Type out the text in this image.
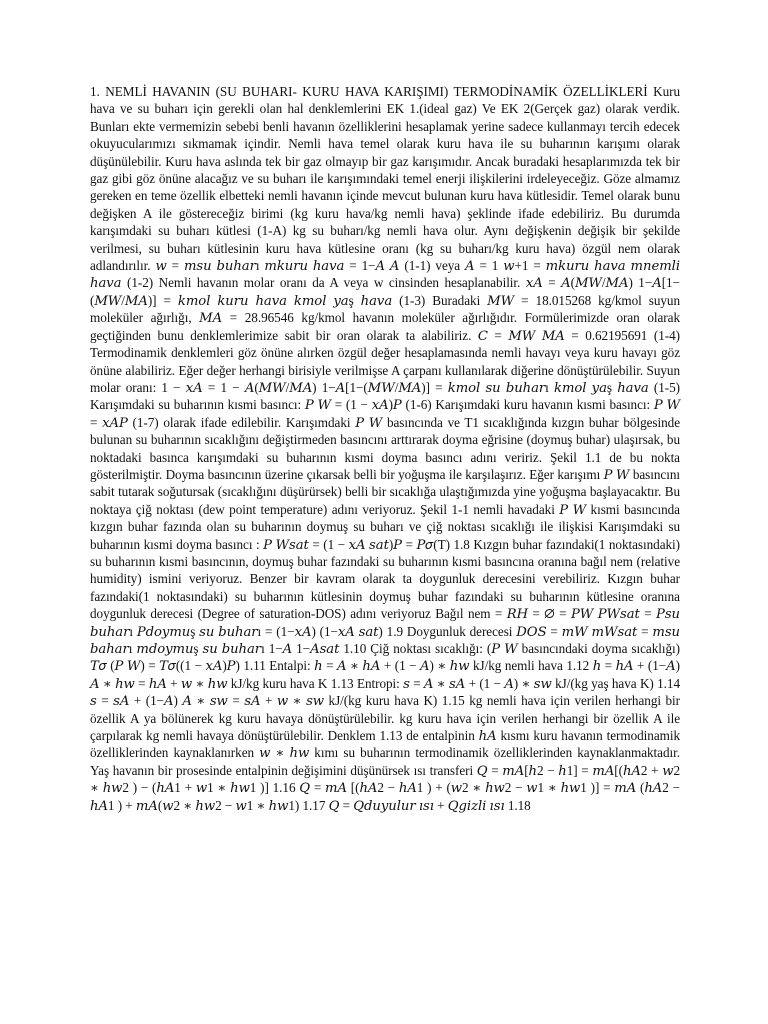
1. NEMLİ HAVANIN (SU BUHARI- KURU HAVA KARIŞIMI) TERMODİNAMİK ÖZELLİKLERİ Kuru hava ve su buharı için gerekli olan hal denklemlerini EK 1.(ideal gaz) Ve EK 2(Gerçek gaz) olarak verdik. Bunları ekte vermemizin sebebi benli havanın özelliklerini hesaplamak yerine sadece kullanmayı tercih edecek okuyucularımızı sıkmamak içindir. Nemli hava temel olarak kuru hava ile su buharının karışımı olarak düşünülebilir. Kuru hava aslında tek bir gaz olmayıp bir gaz karışımıdır. Ancak buradaki hesaplarımızda tek bir gaz gibi göz önüne alacağız ve su buharı ile karışımındaki temel enerji ilişkilerini irdeleyeceğiz. Göze almamız gereken en teme özellik elbetteki nemli havanın içinde mevcut bulunan kuru hava kütlesidir. Temel olarak bunu değişken A ile göstereceğiz birimi (kg kuru hava/kg nemli hava) şeklinde ifade edebiliriz. Bu durumda karışımdaki su buharı kütlesi (1-A) kg su buharı/kg nemli hava olur. Aynı değişkenin değişik bir şekilde verilmesi, su buharı kütlesinin kuru hava kütlesine oranı (kg su buharı/kg kuru hava) özgül nem olarak adlandırılır. 𝑤 = 𝑚𝑠𝑢 𝑏𝑢ℎ𝑎𝑟ı 𝑚𝑘𝑢𝑟𝑢 ℎ𝑎𝑣𝑎 = 1−𝐴 𝐴 (1-1) veya 𝐴 = 1 𝑤+1 = 𝑚𝑘𝑢𝑟𝑢 ℎ𝑎𝑣𝑎 𝑚𝑛𝑒𝑚𝑙𝑖 ℎ𝑎𝑣𝑎 (1-2) Nemli havanın molar oranı da A veya w cinsinden hesaplanabilir. 𝑥𝐴 = 𝐴(𝑀𝑊/𝑀𝐴) 1−𝐴[1−(𝑀𝑊/𝑀𝐴)] = 𝑘𝑚𝑜𝑙 𝑘𝑢𝑟𝑢 ℎ𝑎𝑣𝑎 𝑘𝑚𝑜𝑙 𝑦𝑎ş ℎ𝑎𝑣𝑎 (1-3) Buradaki 𝑀𝑊 = 18.015268 kg/kmol suyun moleküler ağırlığı, 𝑀𝐴 = 28.96546 kg/kmol havanın moleküler ağırlığıdır. Formülerimizde oran olarak geçtiğinden bunu denklemlerimize sabit bir oran olarak ta alabiliriz. 𝐶 = 𝑀𝑊 𝑀𝐴 = 0.62195691 (1-4) Termodinamik denklemleri göz önüne alırken özgül değer hesaplamasında nemli havayı veya kuru havayı göz önüne alabiliriz. Eğer değer herhangi birisiyle verilmişse A çarpanı kullanılarak diğerine dönüştürülebilir. Suyun molar oranı: 1 − 𝑥𝐴 = 1 − 𝐴(𝑀𝑊/𝑀𝐴) 1−𝐴[1−(𝑀𝑊/𝑀𝐴)] = 𝑘𝑚𝑜𝑙 𝑠𝑢 𝑏𝑢ℎ𝑎𝑟ı 𝑘𝑚𝑜𝑙 𝑦𝑎ş ℎ𝑎𝑣𝑎 (1-5) Karışımdaki su buharının kısmi basıncı: 𝑃 𝑊 = (1 − 𝑥𝐴)𝑃 (1-6) Karışımdaki kuru havanın kısmi basıncı: 𝑃 𝑊 = 𝑥𝐴𝑃 (1-7) olarak ifade edilebilir. Karışımdaki 𝑃 𝑊 basıncında ve T1 sıcaklığında kızgın buhar bölgesinde bulunan su buharının sıcaklığını değiştirmeden basıncını arttırarak doyma eğrisine (doymuş buhar) ulaşırsak, bu noktadaki basınca karışımdaki su buharının kısmi doyma basıncı adını veririz. Şekil 1.1 de bu nokta gösterilmiştir. Doyma basıncının üzerine çıkarsak belli bir yoğuşma ile karşılaşırız. Eğer karışımı 𝑃 𝑊 basıncını sabit tutarak soğutursak (sıcaklığını düşürürsek) belli bir sıcaklığa ulaştığımızda yine yoğuşma başlayacaktır. Bu noktaya çiğ noktası (dew point temperature) adını veriyoruz. Şekil 1-1 nemli havadaki 𝑃 𝑊 kısmi basıncında kızgın buhar fazında olan su buharının doymuş su buharı ve çiğ noktası sıcaklığı ile ilişkisi Karışımdaki su buharının kısmi doyma basıncı : 𝑃 𝑊𝑠𝑎𝑡 = (1 − 𝑥𝐴 𝑠𝑎𝑡)𝑃 = 𝑃𝜎(T) 1.8 Kızgın buhar fazındaki(1 noktasındaki) su buharının kısmi basıncının, doymuş buhar fazındaki su buharının kısmi basıncına oranına bağıl nem (relative humidity) ismini veriyoruz. Benzer bir kavram olarak ta doygunluk derecesini verebiliriz. Kızgın buhar fazındaki(1 noktasındaki) su buharının kütlesinin doymuş buhar fazındaki su buharının kütlesine oranına doygunluk derecesi (Degree of saturation-DOS) adını veriyoruz Bağıl nem = 𝑅𝐻 = ∅ = 𝑃𝑊 𝑃𝑊𝑠𝑎𝑡 = 𝑃𝑠𝑢 𝑏𝑢ℎ𝑎𝑟ı 𝑃𝑑𝑜𝑦𝑚𝑢ş 𝑠𝑢 𝑏𝑢ℎ𝑎𝑟ı = (1−𝑥𝐴) (1−𝑥𝐴 𝑠𝑎𝑡) 1.9 Doygunluk derecesi 𝐷𝑂𝑆 = 𝑚𝑊 𝑚𝑊𝑠𝑎𝑡 = 𝑚𝑠𝑢 𝑏𝑎ℎ𝑎𝑟ı 𝑚𝑑𝑜𝑦𝑚𝑢ş 𝑠𝑢 𝑏𝑢ℎ𝑎𝑟ı 1−𝐴 1−𝐴𝑠𝑎𝑡 1.10 Çiğ noktası sıcaklığı: (𝑃 𝑊 basıncındaki doyma sıcaklığı) 𝑇𝜎 (𝑃 𝑊) = 𝑇𝜎((1 − 𝑥𝐴)𝑃) 1.11 Entalpi: ℎ = 𝐴 ∗ ℎ𝐴 + (1 − 𝐴) ∗ ℎ𝑤 kJ/kg nemli hava 1.12 ℎ = ℎ𝐴 + (1−𝐴) 𝐴 ∗ ℎ𝑤 = ℎ𝐴 + 𝑤 ∗ ℎ𝑤 kJ/kg kuru hava K 1.13 Entropi: 𝑠 = 𝐴 ∗ 𝑠𝐴 + (1 − 𝐴) ∗ 𝑠𝑤 kJ/(kg yaş hava K) 1.14 𝑠 = 𝑠𝐴 + (1−𝐴) 𝐴 ∗ 𝑠𝑤 = 𝑠𝐴 + 𝑤 ∗ 𝑠𝑤 kJ/(kg kuru hava K) 1.15 kg nemli hava için verilen herhangi bir özellik A ya bölünerek kg kuru havaya dönüştürülebilir. kg kuru hava için verilen herhangi bir özellik A ile çarpılarak kg nemli havaya dönüştürülebilir. Denklem 1.13 de entalpinin ℎ𝐴 kısmı kuru havanın termodinamik özelliklerinden kaynaklanırken 𝑤 ∗ ℎ𝑤 kımı su buharının termodinamik özelliklerinden kaynaklanmaktadır. Yaş havanın bir prosesinde entalpinin değişimini düşünürsek ısı transferi 𝑄 = 𝑚𝐴[ℎ2 − ℎ1] = 𝑚𝐴[(ℎ𝐴2 + 𝑤2 ∗ ℎ𝑤2 ) − (ℎ𝐴1 + 𝑤1 ∗ ℎ𝑤1 )] 1.16 𝑄 = 𝑚𝐴 [(ℎ𝐴2 − ℎ𝐴1 ) + (𝑤2 ∗ ℎ𝑤2 − 𝑤1 ∗ ℎ𝑤1 )] = 𝑚𝐴 (ℎ𝐴2 − ℎ𝐴1 ) + 𝑚𝐴(𝑤2 ∗ ℎ𝑤2 − 𝑤1 ∗ ℎ𝑤1) 1.17 𝑄 = 𝑄𝑑𝑢𝑦𝑢𝑙𝑢𝑟 𝚤𝑠𝚤 + 𝑄𝑔𝑖𝑧𝑙𝑖 𝚤𝑠𝚤 1.18
